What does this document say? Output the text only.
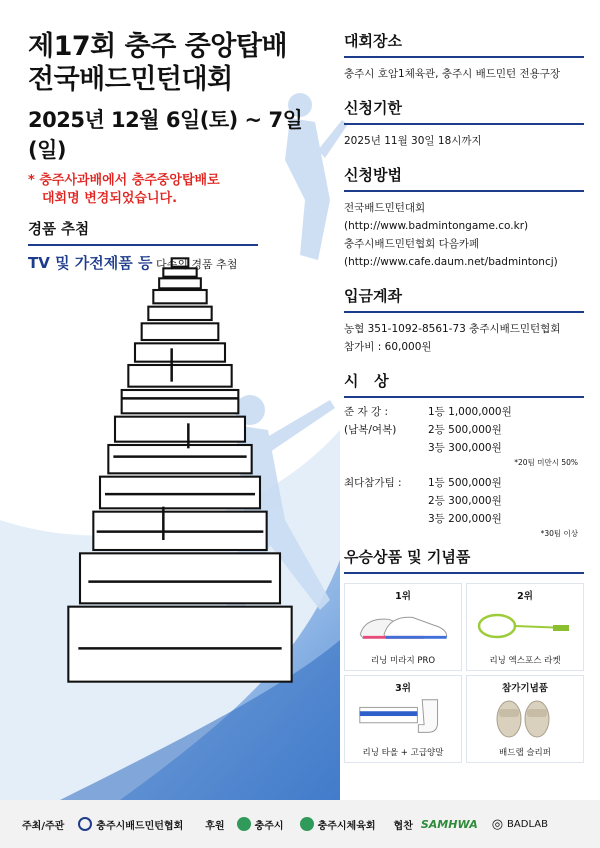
제17회 충주 중앙탑배
전국배드민턴대회
2025년 12월 6일(토) ~ 7일(일)
* 충주사과배에서 충주중앙탑배로
대회명 변경되었습니다.
경품 추첨
TV 및 가전제품 등 다수의 경품 추첨
대회장소
충주시 호암1체육관, 충주시 배드민턴 전용구장
신청기한
2025년 11월 30일 18시까지
신청방법
전국배드민턴대회
(http://www.badmintongame.co.kr)
충주시배드민턴협회 다음카페
(http://www.cafe.daum.net/badmintoncj)
입금계좌
농협 351-1092-8561-73 충주시배드민턴협회
참가비 : 60,000원
시   상
준 자 강 :	1등 1,000,000원
(남복/여복)	2등 500,000원
3등 300,000원
*20팀 미만시 50%
최다참가팀 :	1등 500,000원
2등 300,000원
3등 200,000원
*30팀 이상
우승상품 및 기념품
1위
리닝 미라지 PRO
2위
리닝 엑스포스 라켓
3위
리닝 타올 + 고급양말
참가기념품
배드랩 슬리퍼
주최/주관	충주시배드민턴협회 후원	충주시	충주시체육회 협찬 SAMHWA ◎ BADLAB
